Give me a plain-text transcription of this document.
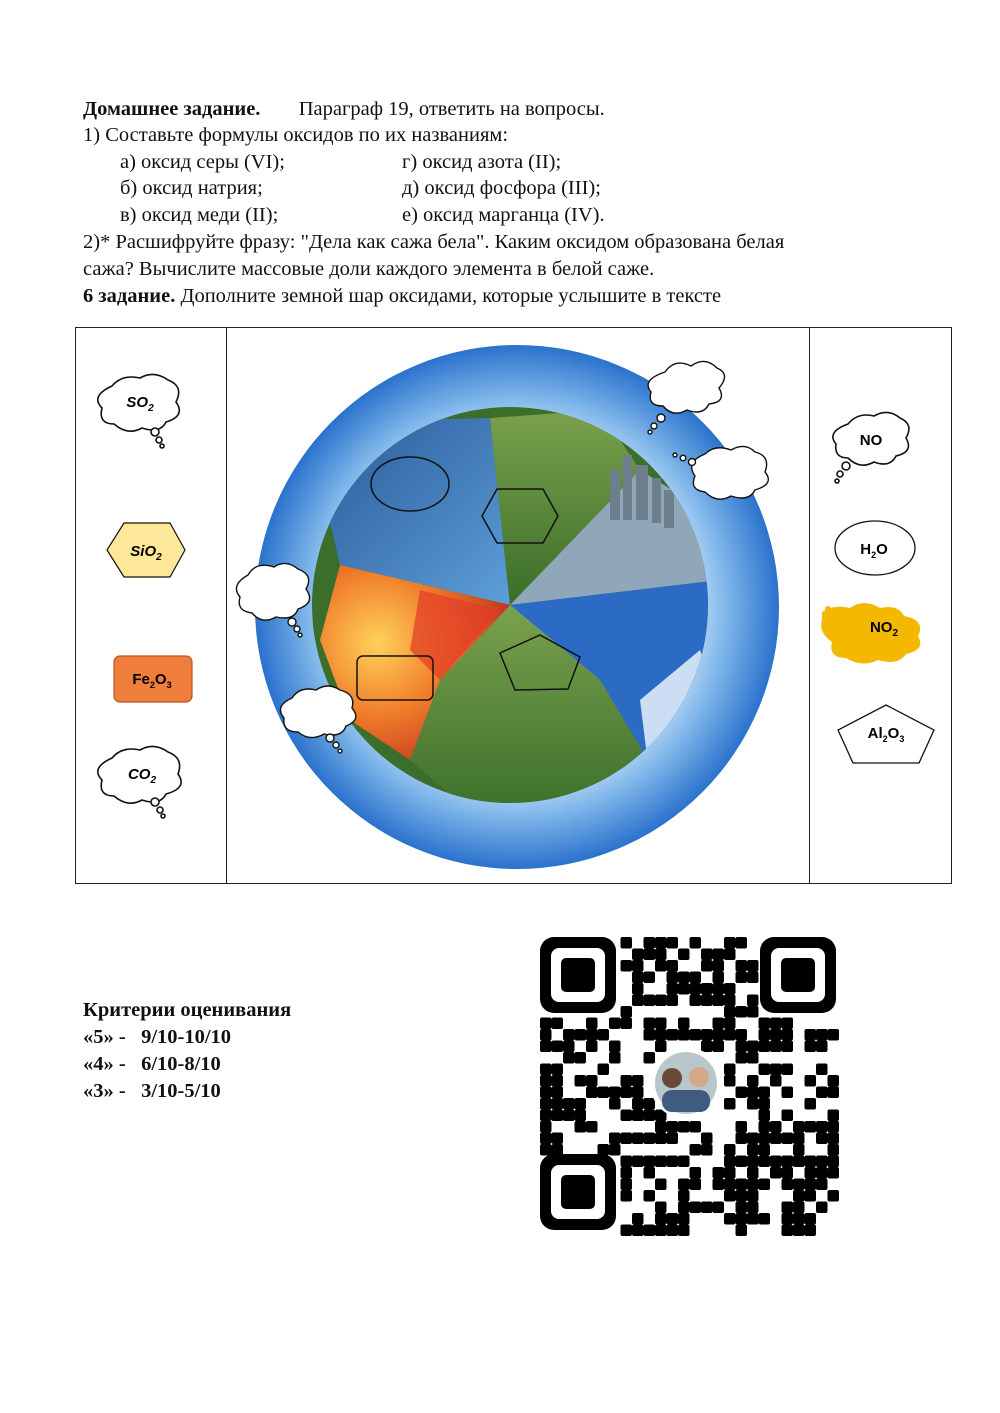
Домашнее задание. Параграф 19, ответить на вопросы.
1) Составьте формулы оксидов по их названиям:
а) оксид серы (VI);
б) оксид натрия;
в) оксид меди (II);
г) оксид азота (II);
д) оксид фосфора (III);
е) оксид марганца (IV).
2)* Расшифруйте фразу: "Дела как сажа бела". Каким оксидом образована белая
сажа? Вычислите массовые доли каждого элемента в белой саже.
6 задание. Дополните земной шар оксидами, которые услышите в тексте
$SO_2$
SiO$_2$
$Fe_2O_3$
$CO_2$
NO
$H_2O$
$NO_2$
$Al_2O_3$
Критерии оценивания
«5» -   9/10-10/10
«4» -   6/10-8/10
«3» -   3/10-5/10
